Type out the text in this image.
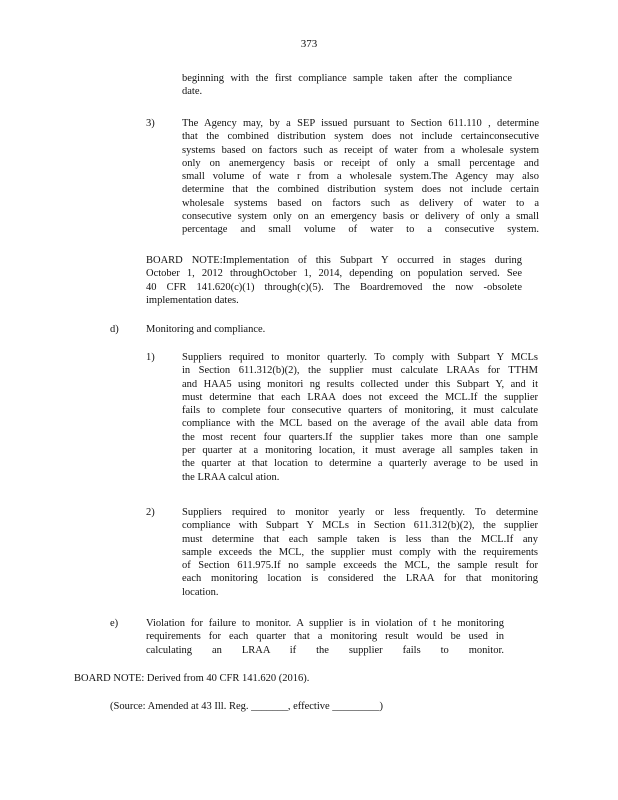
373
beginning with the first compliance sample taken after the compliance
date.
3)	The Agency may, by a SEP issued pursuant to Section 611.110 , determine
that the combined distribution system does not include certainconsecutive
systems based on factors such as receipt of water from a wholesale system
only on anemergency basis or receipt of only a small percentage and
small volume of wate r from a wholesale system.The Agency may also
determine that the combined distribution system does not include certain
wholesale systems based on factors such as delivery of water to a
consecutive system only on an emergency basis or delivery of only a small
percentage and small volume of water to a consecutive system.
BOARD NOTE:Implementation of this Subpart Y occurred in stages during
October 1, 2012 throughOctober 1, 2014, depending on population served. See
40 CFR 141.620(c)(1) through(c)(5). The Boardremoved the now -obsolete
implementation dates.
d)	Monitoring and compliance.
1)	Suppliers required to monitor quarterly. To comply with Subpart Y MCLs
in Section 611.312(b)(2), the supplier must calculate LRAAs for TTHM
and HAA5 using monitori ng results collected under this Subpart Y, and it
must determine that each LRAA does not exceed the MCL.If the supplier
fails to complete four consecutive quarters of monitoring, it must calculate
compliance with the MCL based on the average of the avail able data from
the most recent four quarters.If the supplier takes more than one sample
per quarter at a monitoring location, it must average all samples taken in
the quarter at that location to determine a quarterly average to be used in
the LRAA calcul ation.
2)	Suppliers required to monitor yearly or less frequently. To determine
compliance with Subpart Y MCLs in Section 611.312(b)(2), the supplier
must determine that each sample taken is less than the MCL.If any
sample exceeds the MCL, the supplier must comply with the requirements
of Section 611.975.If no sample exceeds the MCL, the sample result for
each monitoring location is considered the LRAA for that monitoring
location.
e)	Violation for failure to monitor. A supplier is in violation of t he monitoring
requirements for each quarter that a monitoring result would be used in
calculating an LRAA if the supplier fails to monitor.
BOARD NOTE: Derived from 40 CFR 141.620 (2016).
(Source: Amended at 43 Ill. Reg. _______, effective _________)
